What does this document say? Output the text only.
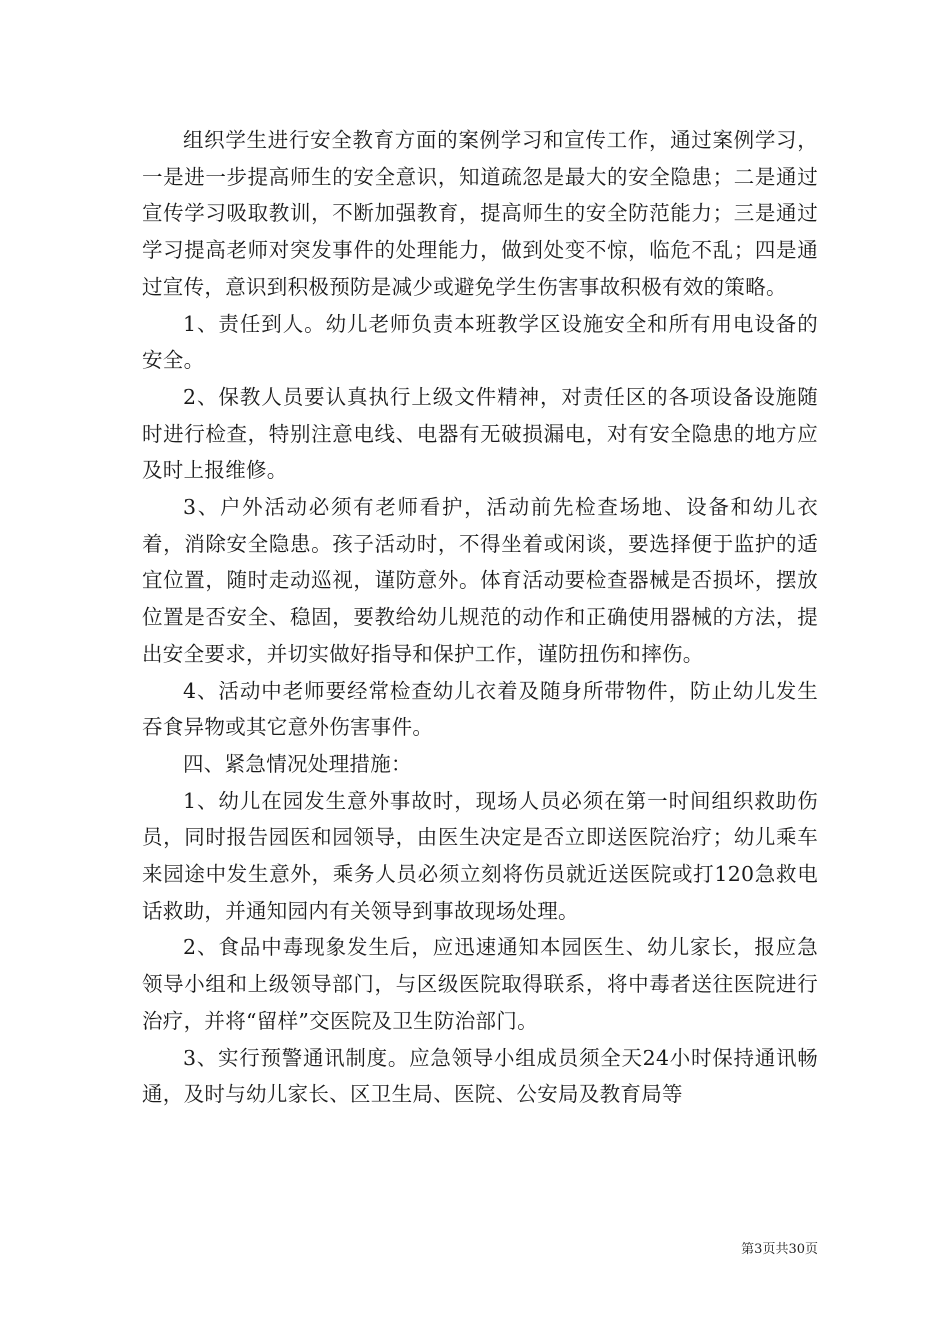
组织学生进行安全教育方面的案例学习和宣传工作，通过案例学习，一是进一步提高师生的安全意识，知道疏忽是最大的安全隐患；二是通过宣传学习吸取教训，不断加强教育，提高师生的安全防范能力；三是通过学习提高老师对突发事件的处理能力，做到处变不惊，临危不乱；四是通过宣传，意识到积极预防是减少或避免学生伤害事故积极有效的策略。

1、责任到人。幼儿老师负责本班教学区设施安全和所有用电设备的安全。

2、保教人员要认真执行上级文件精神，对责任区的各项设备设施随时进行检查，特别注意电线、电器有无破损漏电，对有安全隐患的地方应及时上报维修。

3、户外活动必须有老师看护，活动前先检查场地、设备和幼儿衣着，消除安全隐患。孩子活动时，不得坐着或闲谈，要选择便于监护的适宜位置，随时走动巡视，谨防意外。体育活动要检查器械是否损坏，摆放位置是否安全、稳固，要教给幼儿规范的动作和正确使用器械的方法，提出安全要求，并切实做好指导和保护工作，谨防扭伤和摔伤。

4、活动中老师要经常检查幼儿衣着及随身所带物件，防止幼儿发生吞食异物或其它意外伤害事件。

四、紧急情况处理措施：

1、幼儿在园发生意外事故时，现场人员必须在第一时间组织救助伤员，同时报告园医和园领导，由医生决定是否立即送医院治疗；幼儿乘车来园途中发生意外，乘务人员必须立刻将伤员就近送医院或打120急救电话救助，并通知园内有关领导到事故现场处理。

2、食品中毒现象发生后，应迅速通知本园医生、幼儿家长，报应急领导小组和上级领导部门，与区级医院取得联系，将中毒者送往医院进行治疗，并将“留样”交医院及卫生防治部门。

3、实行预警通讯制度。应急领导小组成员须全天24小时保持通讯畅通，及时与幼儿家长、区卫生局、医院、公安局及教育局等

第3页共30页
